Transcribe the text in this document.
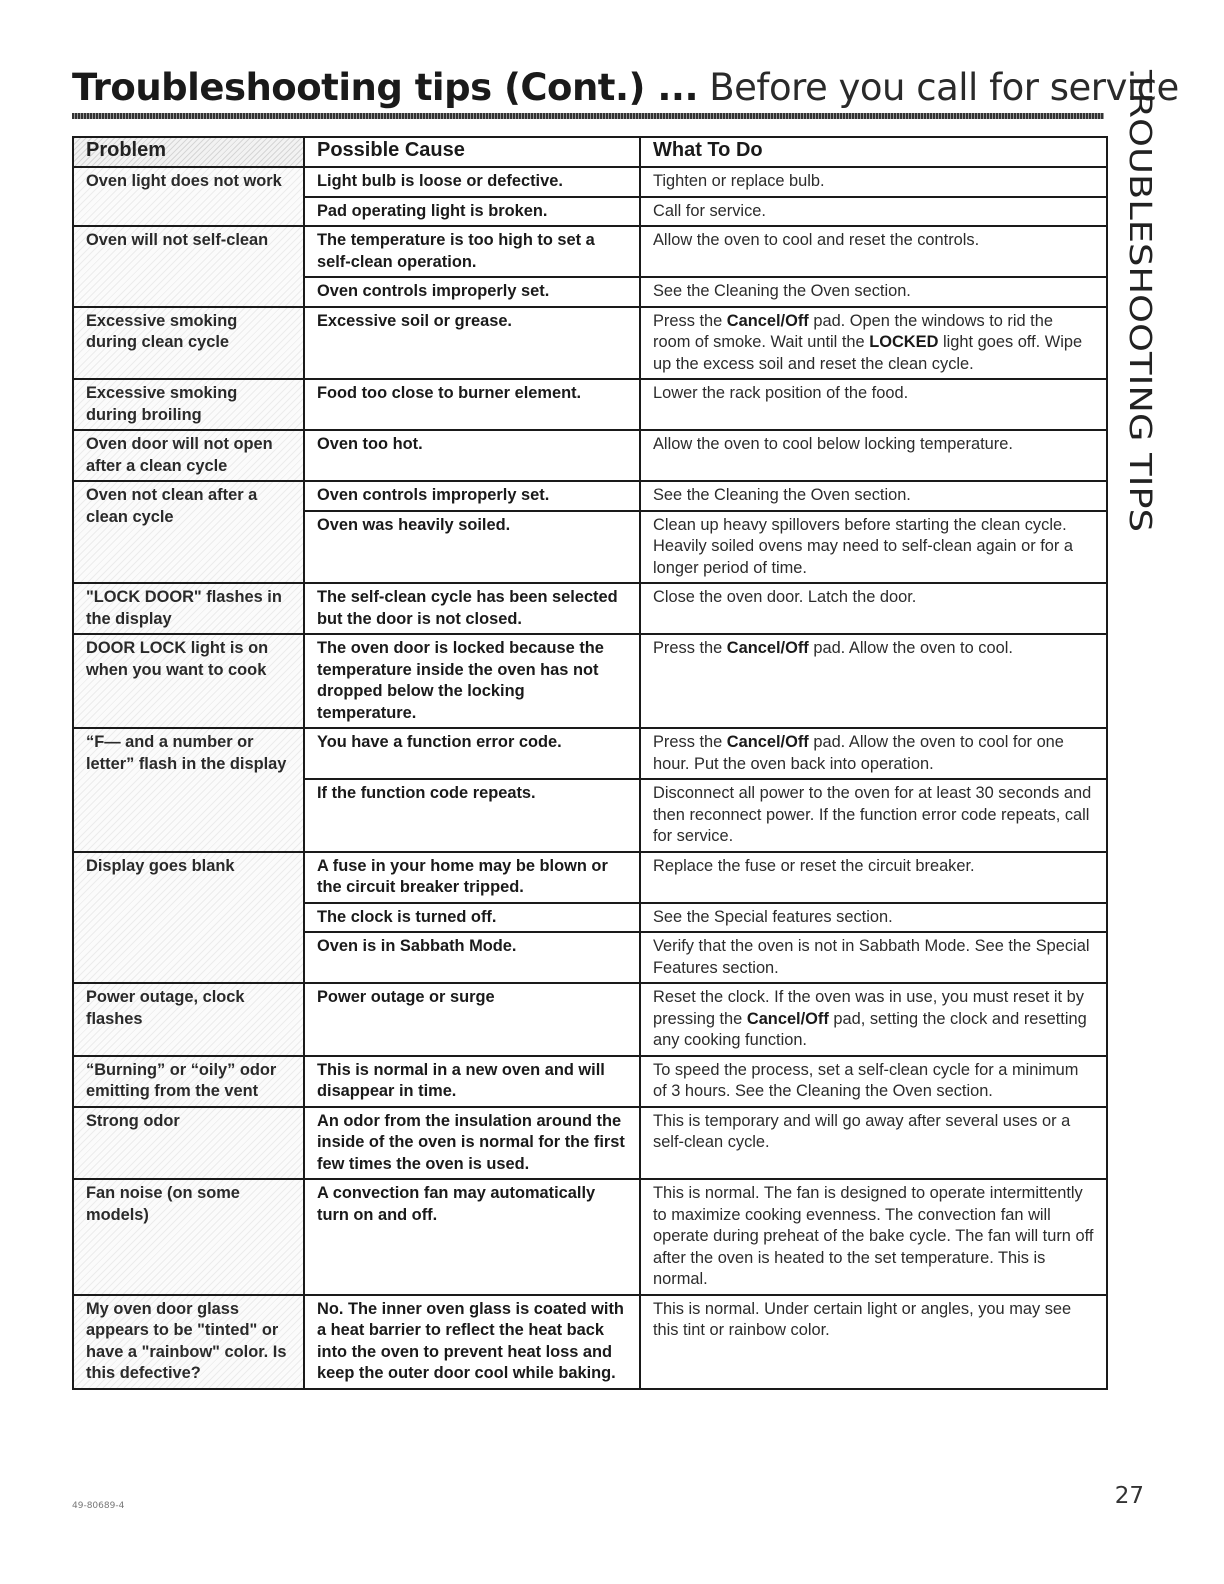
Troubleshooting tips (Cont.) ... Before you call for service
TROUBLESHOOTING TIPS
Problem	Possible Cause	What To Do
Oven light does not work	Light bulb is loose or defective.	Tighten or replace bulb.
	Pad operating light is broken.	Call for service.
Oven will not self-clean	The temperature is too high to set a self-clean operation.	Allow the oven to cool and reset the controls.
	Oven controls improperly set.	See the Cleaning the Oven section.
Excessive smoking during clean cycle	Excessive soil or grease.	Press the Cancel/Off pad. Open the windows to rid the room of smoke. Wait until the LOCKED light goes off. Wipe up the excess soil and reset the clean cycle.
Excessive smoking during broiling	Food too close to burner element.	Lower the rack position of the food.
Oven door will not open after a clean cycle	Oven too hot.	Allow the oven to cool below locking temperature.
Oven not clean after a clean cycle	Oven controls improperly set.	See the Cleaning the Oven section.
	Oven was heavily soiled.	Clean up heavy spillovers before starting the clean cycle. Heavily soiled ovens may need to self-clean again or for a longer period of time.
"LOCK DOOR" flashes in the display	The self-clean cycle has been selected but the door is not closed.	Close the oven door. Latch the door.
DOOR LOCK light is on when you want to cook	The oven door is locked because the temperature inside the oven has not dropped below the locking temperature.	Press the Cancel/Off pad. Allow the oven to cool.
“F— and a number or letter” flash in the display	You have a function error code.	Press the Cancel/Off pad. Allow the oven to cool for one hour. Put the oven back into operation.
	If the function code repeats.	Disconnect all power to the oven for at least 30 seconds and then reconnect power. If the function error code repeats, call for service.
Display goes blank	A fuse in your home may be blown or the circuit breaker tripped.	Replace the fuse or reset the circuit breaker.
	The clock is turned off.	See the Special features section.
	Oven is in Sabbath Mode.	Verify that the oven is not in Sabbath Mode. See the Special Features section.
Power outage, clock flashes	Power outage or surge	Reset the clock. If the oven was in use, you must reset it by pressing the Cancel/Off pad, setting the clock and resetting any cooking function.
“Burning” or “oily” odor emitting from the vent	This is normal in a new oven and will disappear in time.	To speed the process, set a self-clean cycle for a minimum of 3 hours. See the Cleaning the Oven section.
Strong odor	An odor from the insulation around the inside of the oven is normal for the first few times the oven is used.	This is temporary and will go away after several uses or a self-clean cycle.
Fan noise (on some models)	A convection fan may automatically turn on and off.	This is normal. The fan is designed to operate intermittently to maximize cooking evenness. The convection fan will operate during preheat of the bake cycle. The fan will turn off after the oven is heated to the set temperature. This is normal.
My oven door glass appears to be "tinted" or have a "rainbow" color. Is this defective?	No. The inner oven glass is coated with a heat barrier to reflect the heat back into the oven to prevent heat loss and keep the outer door cool while baking.	This is normal. Under certain light or angles, you may see this tint or rainbow color.
49-80689-4	27
